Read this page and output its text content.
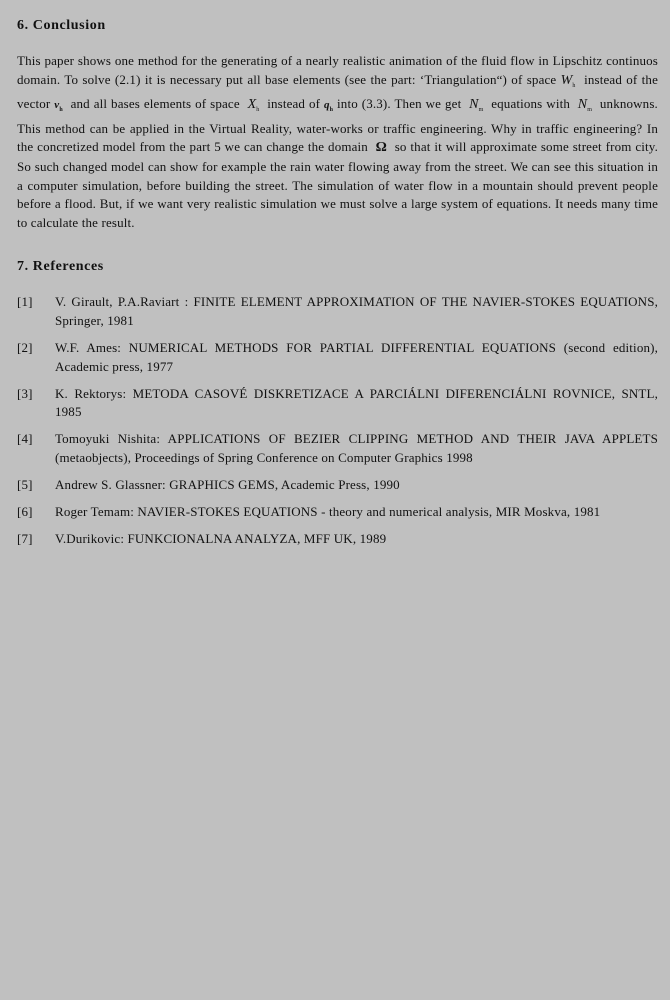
6. Conclusion

This paper shows one method for the generating of a nearly realistic animation of the fluid flow in Lipschitz continuos domain. To solve (2.1) it is necessary put all base elements (see the part: ‘Triangulation“) of space $W_h$ instead of the vector $v_h$ and all bases elements of space $X_h$ instead of $q_h$ into (3.3). Then we get $N_m$ equations with $N_m$ unknowns. This method can be applied in the Virtual Reality, water-works or traffic engineering. Why in traffic engineering? In the concretized model from the part 5 we can change the domain Ω so that it will approximate some street from city. So such changed model can show for example the rain water flowing away from the street. We can see this situation in a computer simulation, before building the street. The simulation of water flow in a mountain should prevent people before a flood. But, if we want very realistic simulation we must solve a large system of equations. It needs many time to calculate the result.

7. References
[1]	V. Girault, P.A.Raviart : FINITE ELEMENT APPROXIMATION OF THE NAVIER-STOKES EQUATIONS, Springer, 1981
[2]	W.F. Ames: NUMERICAL METHODS FOR PARTIAL DIFFERENTIAL EQUATIONS (second edition), Academic press, 1977
[3]	K. Rektorys: METODA CASOVÉ DISKRETIZACE A PARCIÁLNI DIFERENCIÁLNI ROVNICE, SNTL, 1985
[4]	Tomoyuki Nishita: APPLICATIONS OF BEZIER CLIPPING METHOD AND THEIR JAVA APPLETS (metaobjects), Proceedings of Spring Conference on Computer Graphics 1998
[5]	Andrew S. Glassner: GRAPHICS GEMS, Academic Press, 1990
[6]	Roger Temam: NAVIER-STOKES EQUATIONS - theory and numerical analysis, MIR Moskva, 1981
[7]	V.Durikovic: FUNKCIONALNA ANALYZA, MFF UK, 1989
